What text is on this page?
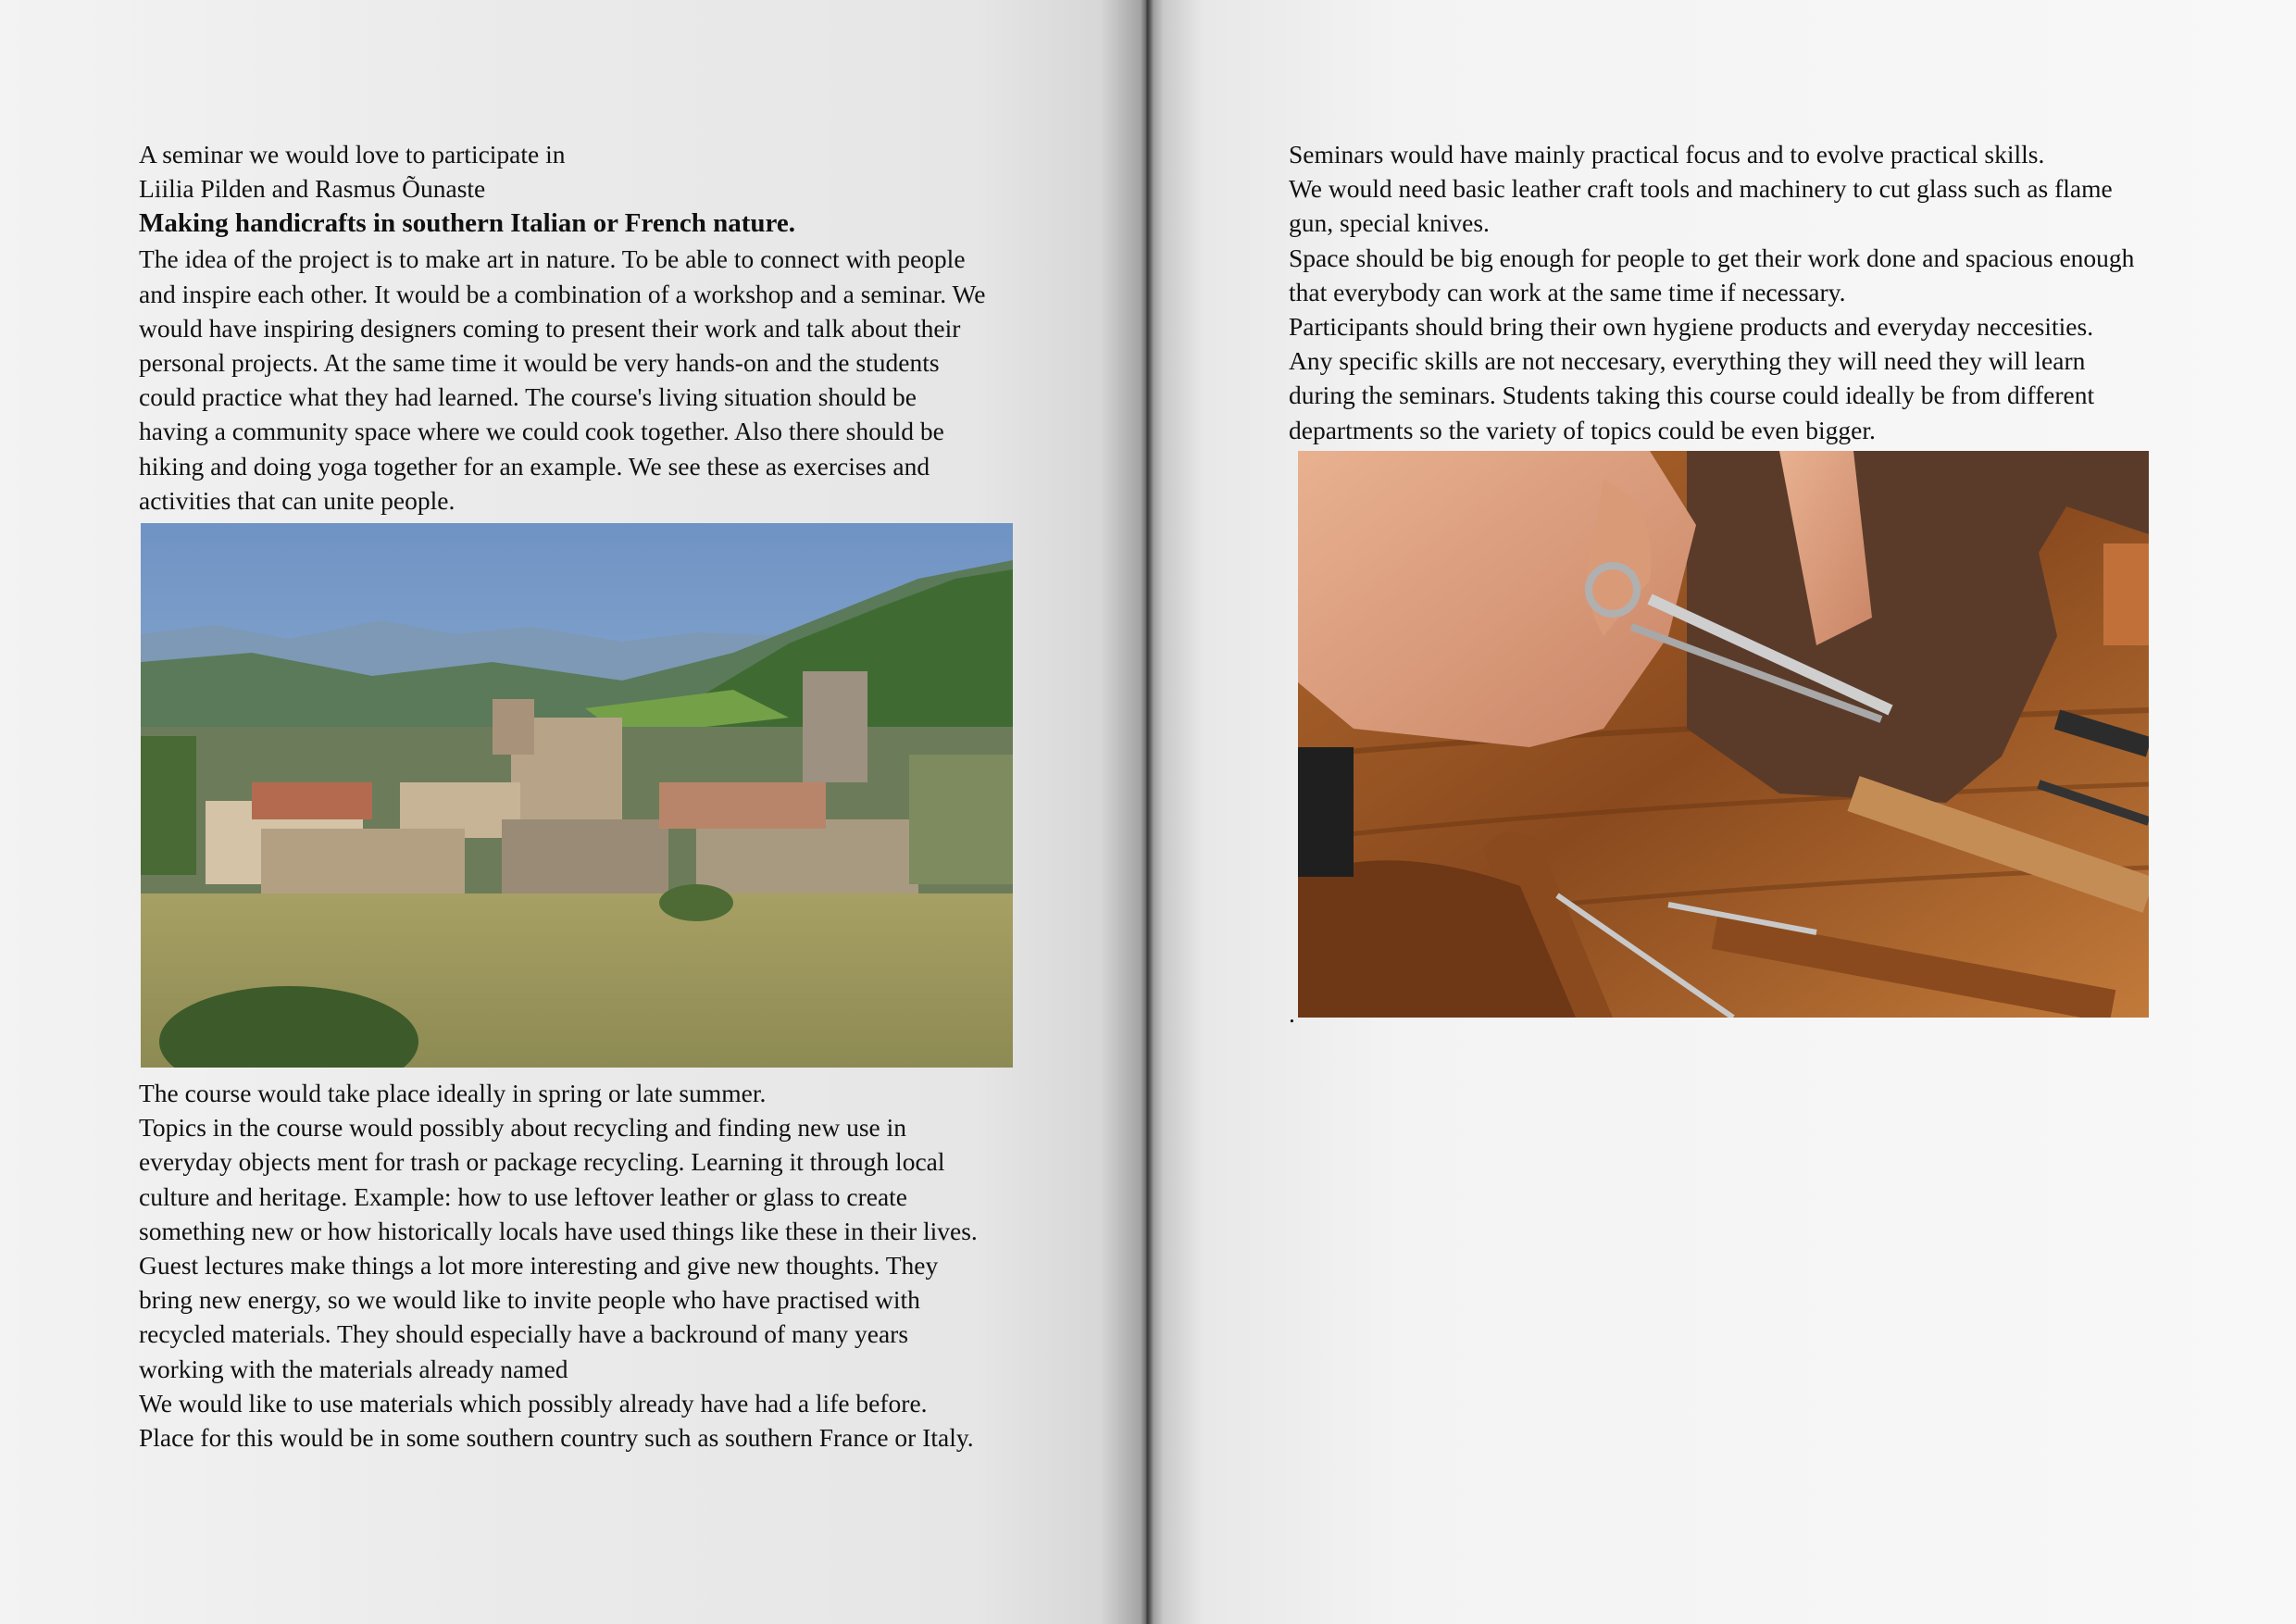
A seminar we would love to participate in

Liilia Pilden and Rasmus Õunaste

Making handicrafts in southern Italian or French nature.

The idea of the project is to make art in nature. To be able to connect with people

and inspire each other. It would be a combination of a workshop and a seminar. We

would have inspiring designers coming to present their work and talk about their

personal projects. At the same time it would be very hands-on and the students

could practice what they had learned. The course's living situation should be

having a community space where we could cook together. Also there should be

hiking and doing yoga together for an example. We see these as exercises and

activities that can unite people.

The course would take place ideally in spring or late summer.

Topics in the course would possibly about recycling and finding new use in

everyday objects ment for trash or package recycling. Learning it through local

culture and heritage. Example: how to use leftover leather or glass to create

something new or how historically locals have used things like these in their lives.

Guest lectures make things a lot more interesting and give new thoughts. They

bring new energy, so we would like to invite people who have practised with

recycled materials. They should especially have a backround of many years

working with the materials already named

We would like to use materials which possibly already have had a life before.

Place for this would be in some southern country such as southern France or Italy.

Seminars would have mainly practical focus and to evolve practical skills.

We would need basic leather craft tools and machinery to cut glass such as flame

gun, special knives.

Space should be big enough for people to get their work done and spacious enough

that everybody can work at the same time if necessary.

Participants should bring their own hygiene products and everyday neccesities.

Any specific skills are not neccesary, everything they will need they will learn

during the seminars. Students taking this course could ideally be from different

departments so the variety of topics could be even bigger.

.
